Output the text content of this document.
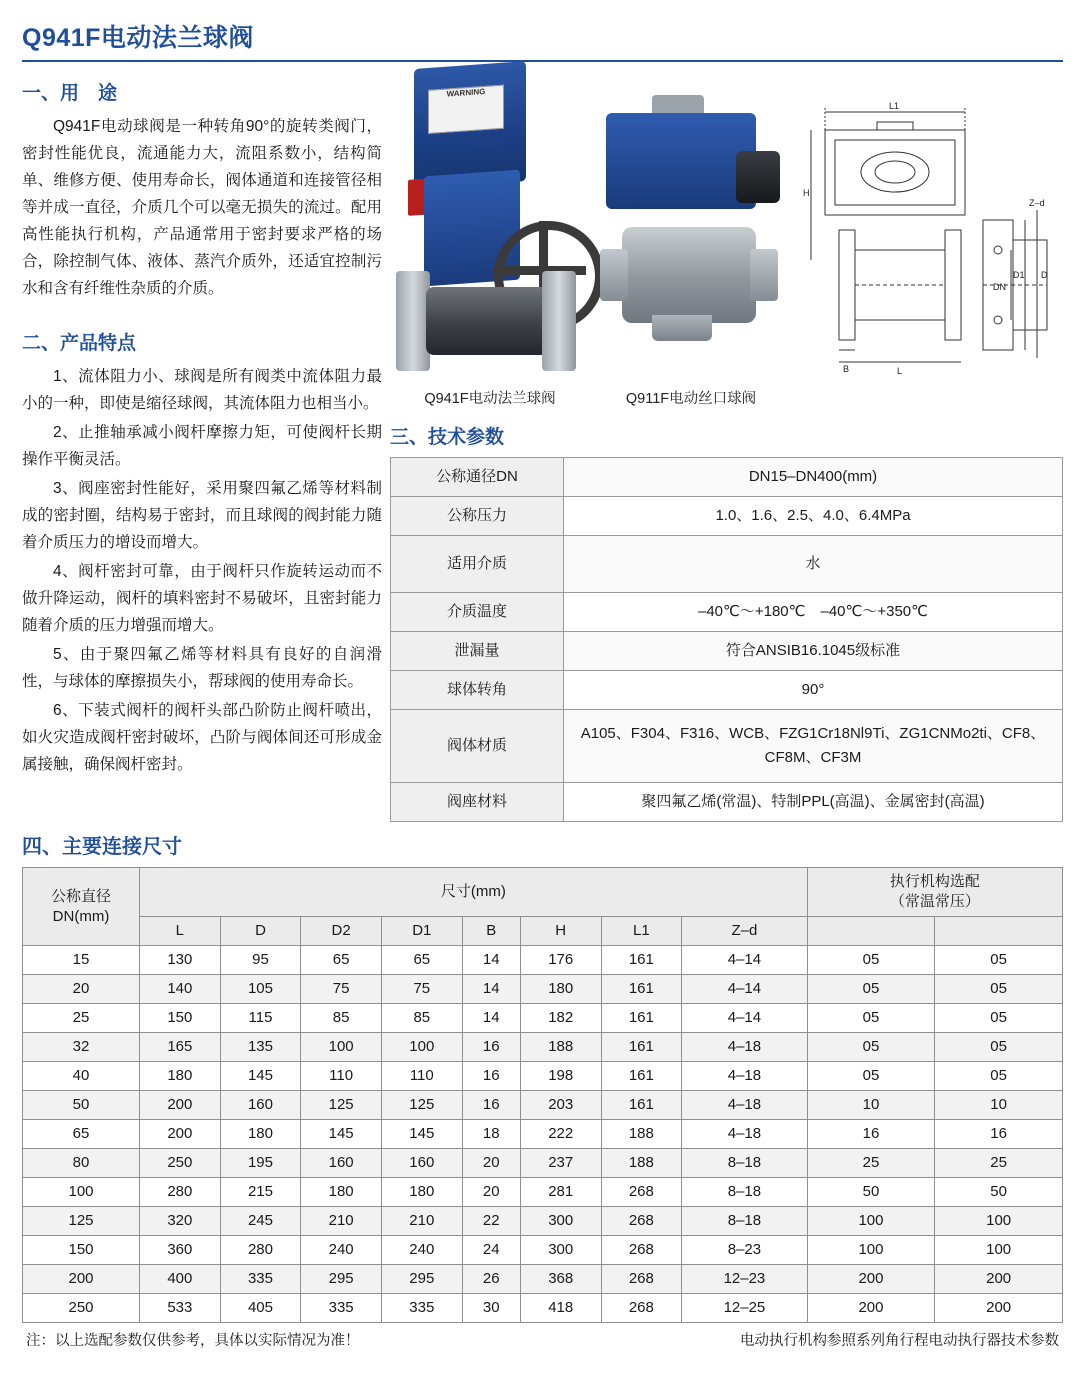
Q941F电动法兰球阀
一、用　途

Q941F电动球阀是一种转角90°的旋转类阀门，密封性能优良，流通能力大，流阻系数小，结构简单、维修方便、使用寿命长，阀体通道和连接管径相等并成一直径，介质几个可以毫无损失的流过。配用高性能执行机构，产品通常用于密封要求严格的场合，除控制气体、液体、蒸汽介质外，还适宜控制污水和含有纤维性杂质的介质。

二、产品特点

1、流体阻力小、球阀是所有阀类中流体阻力最小的一种，即使是缩径球阀，其流体阻力也相当小。

2、止推轴承减小阀杆摩擦力矩，可使阀杆长期操作平衡灵活。

3、阀座密封性能好，采用聚四氟乙烯等材料制成的密封圈，结构易于密封，而且球阀的阀封能力随着介质压力的增设而增大。

4、阀杆密封可靠，由于阀杆只作旋转运动而不做升降运动，阀杆的填料密封不易破坏，且密封能力随着介质的压力增强而增大。

5、由于聚四氟乙烯等材料具有良好的自润滑性，与球体的摩擦损失小，帮球阀的使用寿命长。

6、下装式阀杆的阀杆头部凸阶防止阀杆喷出，如火灾造成阀杆密封破坏，凸阶与阀体间还可形成金属接触，确保阀杆密封。

WARNING
Q941F电动法兰球阀	Q911F电动丝口球阀
三、技术参数
公称通径DN	DN15–DN400(mm)
公称压力	1.0、1.6、2.5、4.0、6.4MPa
适用介质	水
介质温度	–40℃～+180℃　–40℃～+350℃
泄漏量	符合ANSIB16.1045级标准
球体转角	90°
阀体材质	A105、F304、F316、WCB、FZG1Cr18Nl9Ti、ZG1CNMo2ti、CF8、CF8M、CF3M
阀座材料	聚四氟乙烯(常温)、特制PPL(高温)、金属密封(高温)
L1
H
Z–d
DN
D1 D
B	L
四、主要连接尺寸
公称直径
DN(mm)
	尺寸(mm)	
执行机构选配
（常温常压）

	L	D	D2	D1	B	H	L1	Z–d		
15	130	95	65	65	14	176	161	4–14	05	05
20	140	105	75	75	14	180	161	4–14	05	05
25	150	115	85	85	14	182	161	4–14	05	05
32	165	135	100	100	16	188	161	4–18	05	05
40	180	145	110	110	16	198	161	4–18	05	05
50	200	160	125	125	16	203	161	4–18	10	10
65	200	180	145	145	18	222	188	4–18	16	16
80	250	195	160	160	20	237	188	8–18	25	25
100	280	215	180	180	20	281	268	8–18	50	50
125	320	245	210	210	22	300	268	8–18	100	100
150	360	280	240	240	24	300	268	8–23	100	100
200	400	335	295	295	26	368	268	12–23	200	200
250	533	405	335	335	30	418	268	12–25	200	200
注：以上选配参数仅供参考，具体以实际情况为准！	电动执行机构参照系列角行程电动执行器技术参数
